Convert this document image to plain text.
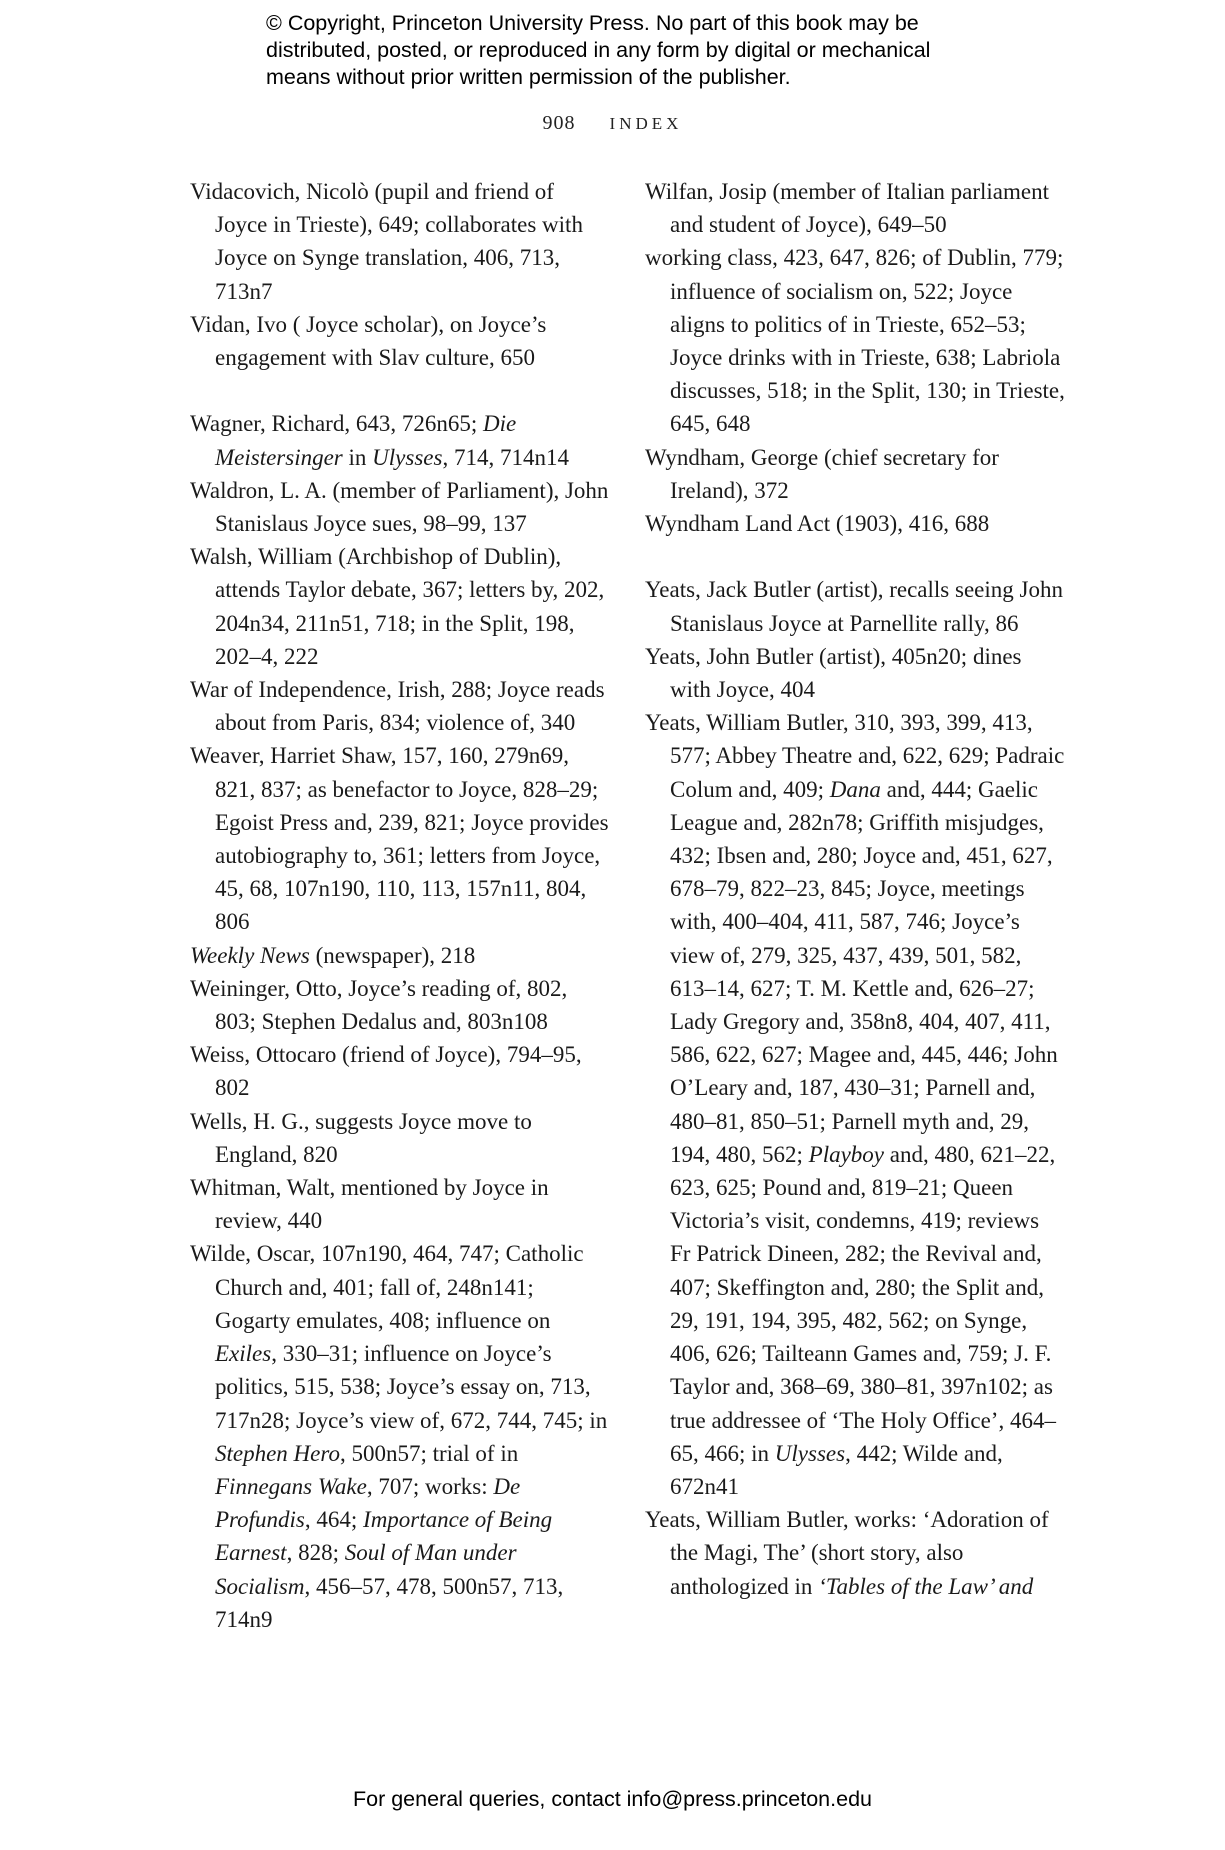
© Copyright, Princeton University Press. No part of this book may be
distributed, posted, or reproduced in any form by digital or mechanical
means without prior written permission of the publisher.
908 INDEX

Vidacovich, Nicolò (pupil and friend of Joyce in Trieste), 649; collaborates with Joyce on Synge translation, 406, 713, 713n7

Vidan, Ivo ( Joyce scholar), on Joyce’s engagement with Slav culture, 650

Wagner, Richard, 643, 726n65; Die Meistersinger in Ulysses, 714, 714n14

Waldron, L. A. (member of Parliament), John Stanislaus Joyce sues, 98–99, 137

Walsh, William (Archbishop of Dublin), attends Taylor debate, 367; letters by, 202, 204n34, 211n51, 718; in the Split, 198, 202–4, 222

War of Independence, Irish, 288; Joyce reads about from Paris, 834; violence of, 340

Weaver, Harriet Shaw, 157, 160, 279n69, 821, 837; as benefactor to Joyce, 828–29; Egoist Press and, 239, 821; Joyce provides autobiography to, 361; letters from Joyce, 45, 68, 107n190, 110, 113, 157n11, 804, 806

Weekly News (newspaper), 218

Weininger, Otto, Joyce’s reading of, 802, 803; Stephen Dedalus and, 803n108

Weiss, Ottocaro (friend of Joyce), 794–95, 802

Wells, H. G., suggests Joyce move to England, 820

Whitman, Walt, mentioned by Joyce in review, 440

Wilde, Oscar, 107n190, 464, 747; Catholic Church and, 401; fall of, 248n141; Gogarty emulates, 408; influence on Exiles, 330–31; influence on Joyce’s politics, 515, 538; Joyce’s essay on, 713, 717n28; Joyce’s view of, 672, 744, 745; in Stephen Hero, 500n57; trial of in Finnegans Wake, 707; works: De Profundis, 464; Importance of Being Earnest, 828; Soul of Man under Socialism, 456–57, 478, 500n57, 713, 714n9

Wilfan, Josip (member of Italian parliament and student of Joyce), 649–50

working class, 423, 647, 826; of Dublin, 779; influence of socialism on, 522; Joyce aligns to politics of in Trieste, 652–53; Joyce drinks with in Trieste, 638; Labriola discusses, 518; in the Split, 130; in Trieste, 645, 648

Wyndham, George (chief secretary for Ireland), 372

Wyndham Land Act (1903), 416, 688

Yeats, Jack Butler (artist), recalls seeing John Stanislaus Joyce at Parnellite rally, 86

Yeats, John Butler (artist), 405n20; dines with Joyce, 404

Yeats, William Butler, 310, 393, 399, 413, 577; Abbey Theatre and, 622, 629; Padraic Colum and, 409; Dana and, 444; Gaelic League and, 282n78; Griffith misjudges, 432; Ibsen and, 280; Joyce and, 451, 627, 678–79, 822–23, 845; Joyce, meetings with, 400–404, 411, 587, 746; Joyce’s view of, 279, 325, 437, 439, 501, 582, 613–14, 627; T. M. Kettle and, 626–27; Lady Gregory and, 358n8, 404, 407, 411, 586, 622, 627; Magee and, 445, 446; John O’Leary and, 187, 430–31; Parnell and, 480–81, 850–51; Parnell myth and, 29, 194, 480, 562; Playboy and, 480, 621–22, 623, 625; Pound and, 819–21; Queen Victoria’s visit, condemns, 419; reviews Fr Patrick Dineen, 282; the Revival and, 407; Skeffington and, 280; the Split and, 29, 191, 194, 395, 482, 562; on Synge, 406, 626; Tailteann Games and, 759; J. F. Taylor and, 368–69, 380–81, 397n102; as true addressee of ‘The Holy Office’, 464–65, 466; in Ulysses, 442; Wilde and, 672n41

Yeats, William Butler, works: ‘Adoration of the Magi, The’ (short story, also anthologized in ‘Tables of the Law’ and

For general queries, contact info@press.princeton.edu
